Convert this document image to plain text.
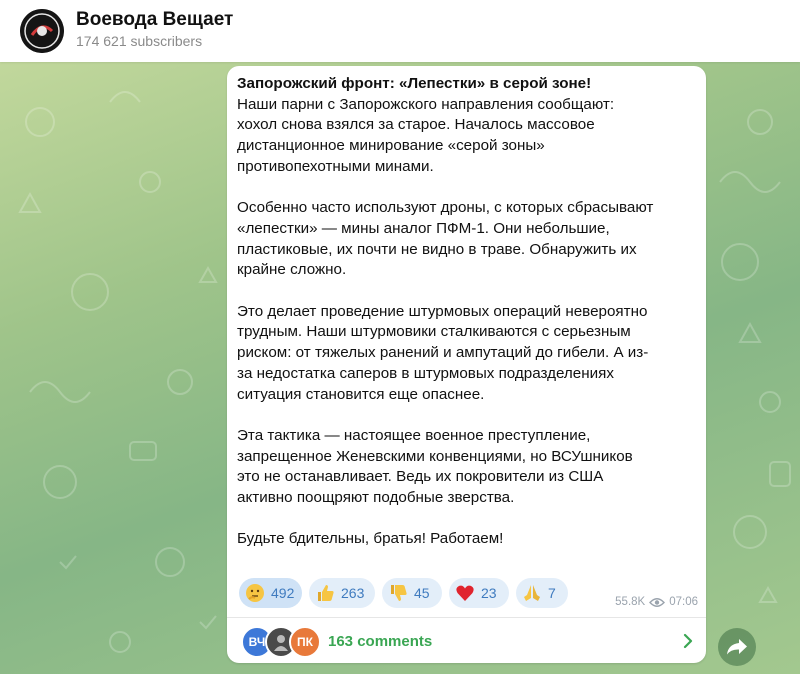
Воевода Вещает
174 621 subscribers
Запорожский фронт: «Лепестки» в серой зоне!
Наши парни с Запорожского направления сообщают:
хохол снова взялся за старое. Началось массовое
дистанционное минирование «серой зоны»
противопехотными минами.

Особенно часто используют дроны, с которых сбрасывают
«лепестки» — мины аналог ПФМ-1. Они небольшие,
пластиковые, их почти не видно в траве. Обнаружить их
крайне сложно.

Это делает проведение штурмовых операций невероятно
трудным. Наши штурмовики сталкиваются с серьезным
риском: от тяжелых ранений и ампутаций до гибели. А из-
за недостатка саперов в штурмовых подразделениях
ситуация становится еще опаснее.

Эта тактика — настоящее военное преступление,
запрещенное Женевскими конвенциями, но ВСУшников
это не останавливает. Ведь их покровители из США
активно поощряют подобные зверства.

Будьте бдительны, братья! Работаем!
492	263	45	23	7
55.8K 07:06
ВЧ	ПК	163 comments
